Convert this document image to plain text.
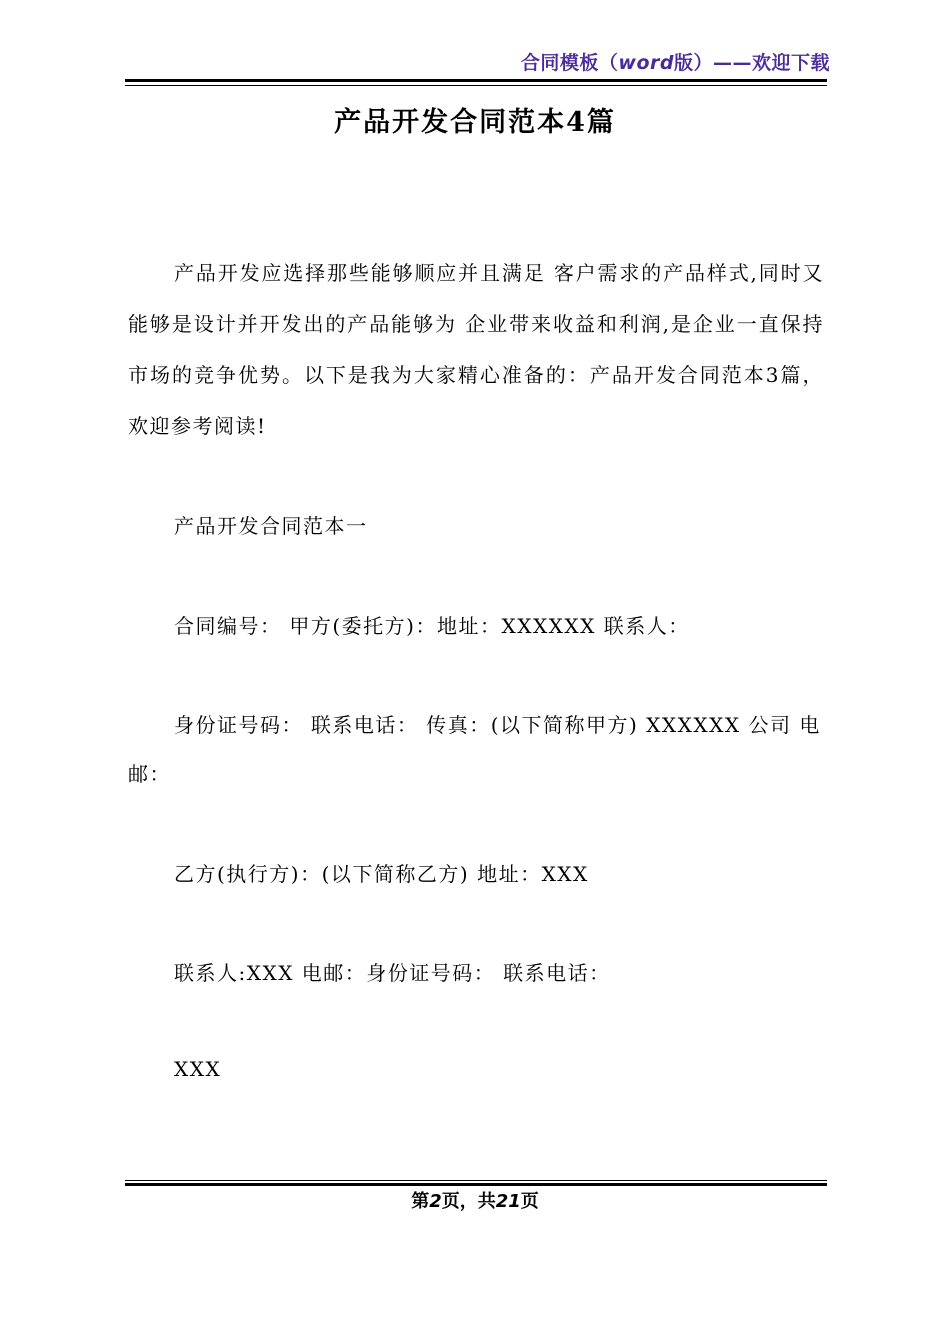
合同模板（word版）——欢迎下载
产品开发合同范本4篇
产品开发应选择那些能够顺应并且满足 客户需求的产品样式,同时又能够是设计并开发出的产品能够为 企业带来收益和利润,是企业一直保持市场的竞争优势。以下是我为大家精心准备的：产品开发合同范本3篇，欢迎参考阅读!
产品开发合同范本一
合同编号： 甲方(委托方)：地址：XXXXXX 联系人：
身份证号码： 联系电话： 传真：(以下简称甲方) XXXXXX 公司 电
邮：
乙方(执行方)：(以下简称乙方) 地址：XXX
联系人:XXX 电邮：身份证号码： 联系电话：
XXX
第2页，共21页
